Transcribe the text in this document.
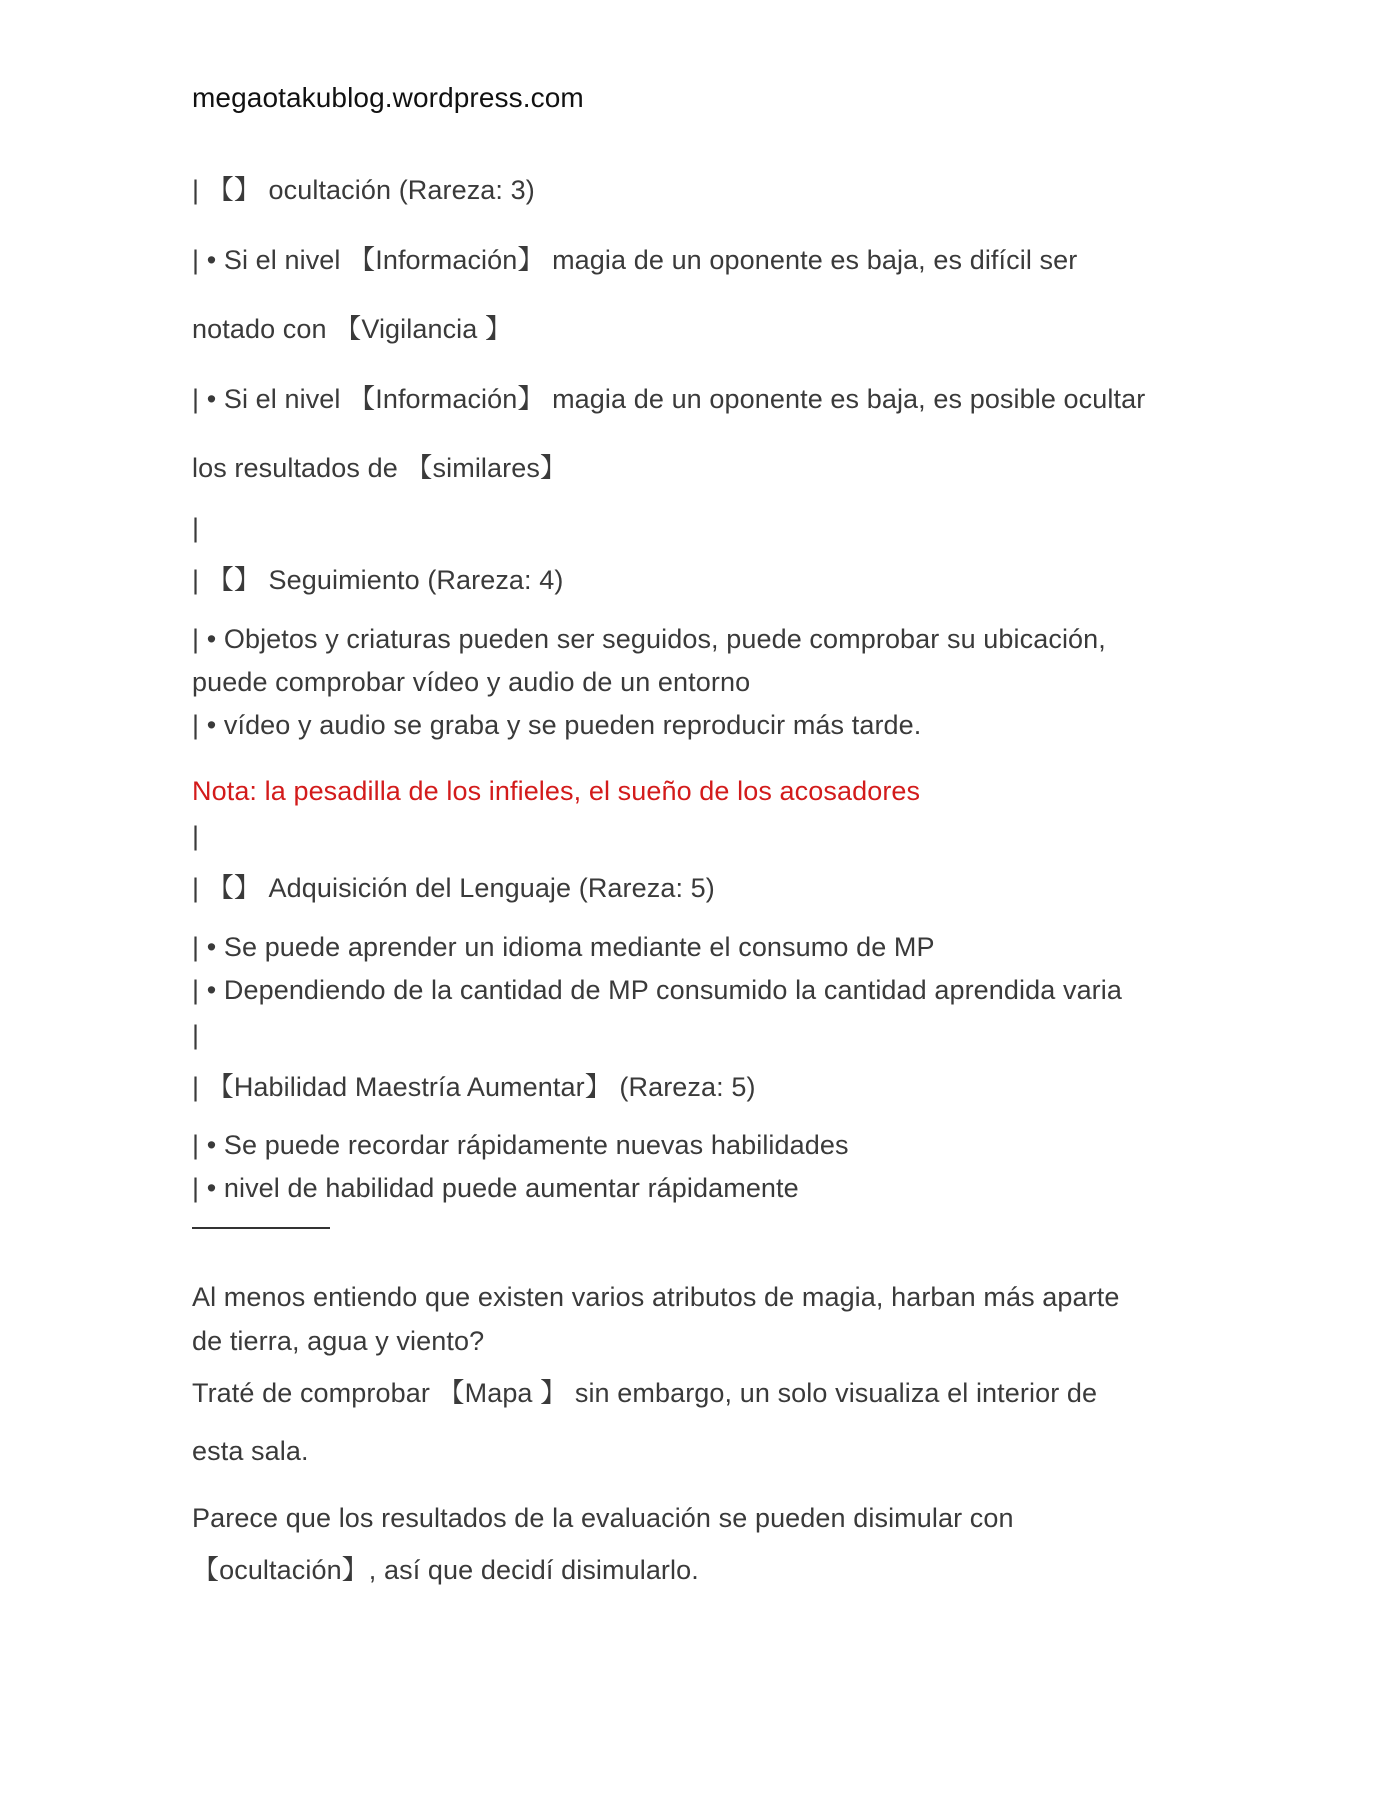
megaotakublog.wordpress.com
| 【】 ocultación (Rareza: 3)
| • Si el nivel 【Información】 magia de un oponente es baja, es difícil ser
notado con 【Vigilancia 】
| • Si el nivel 【Información】 magia de un oponente es baja, es posible ocultar
los resultados de 【similares】
|
| 【】 Seguimiento (Rareza: 4)
| • Objetos y criaturas pueden ser seguidos, puede comprobar su ubicación,
puede comprobar vídeo y audio de un entorno
| • vídeo y audio se graba y se pueden reproducir más tarde.
Nota: la pesadilla de los infieles, el sueño de los acosadores
|
| 【】 Adquisición del Lenguaje (Rareza: 5)
| • Se puede aprender un idioma mediante el consumo de MP
| • Dependiendo de la cantidad de MP consumido la cantidad aprendida varia
|
| 【Habilidad Maestría Aumentar】 (Rareza: 5)
| • Se puede recordar rápidamente nuevas habilidades
| • nivel de habilidad puede aumentar rápidamente
Al menos entiendo que existen varios atributos de magia, harban más aparte
de tierra, agua y viento?
Traté de comprobar 【Mapa 】 sin embargo, un solo visualiza el interior de
esta sala.
Parece que los resultados de la evaluación se pueden disimular con
【ocultación】, así que decidí disimularlo.
